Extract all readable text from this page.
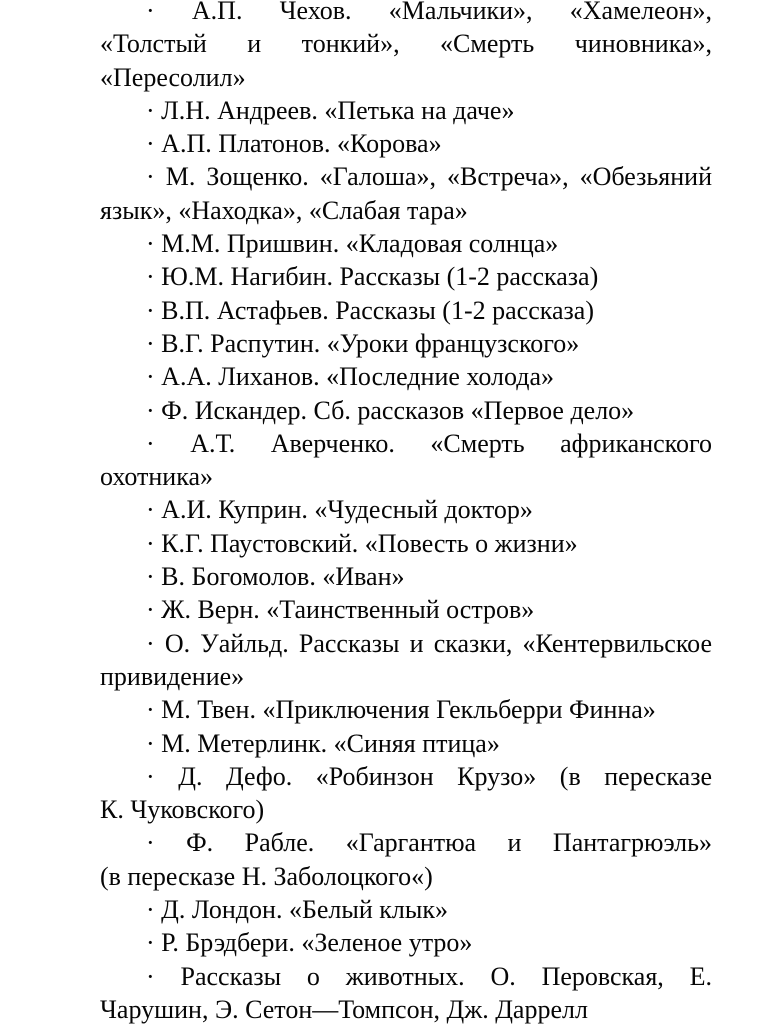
· А.П. Чехов. «Мальчики», «Хамелеон»,
«Толстый и тонкий», «Смерть чиновника»,
«Пересолил»
· Л.Н. Андреев. «Петька на даче»
· А.П. Платонов. «Корова»
· М. Зощенко. «Галоша», «Встреча», «Обезьяний
язык», «Находка», «Слабая тара»
· М.М. Пришвин. «Кладовая солнца»
· Ю.М. Нагибин. Рассказы (1-2 рассказа)
· В.П. Астафьев. Рассказы (1-2 рассказа)
· В.Г. Распутин. «Уроки французского»
· А.А. Лиханов. «Последние холода»
· Ф. Искандер. Сб. рассказов «Первое дело»
· А.Т. Аверченко. «Смерть африканского
охотника»
· А.И. Куприн. «Чудесный доктор»
· К.Г. Паустовский. «Повесть о жизни»
· В. Богомолов. «Иван»
· Ж. Верн. «Таинственный остров»
· О. Уайльд. Рассказы и сказки, «Кентервильское
привидение»
· М. Твен. «Приключения Гекльберри Финна»
· М. Метерлинк. «Синяя птица»
· Д. Дефо. «Робинзон Крузо» (в пересказе
К. Чуковского)
· Ф. Рабле. «Гаргантюа и Пантагрюэль»
(в пересказе Н. Заболоцкого«)
· Д. Лондон. «Белый клык»
· Р. Брэдбери. «Зеленое утро»
· Рассказы о животных. О. Перовская, Е.
Чарушин, Э. Сетон—Томпсон, Дж. Даррелл
